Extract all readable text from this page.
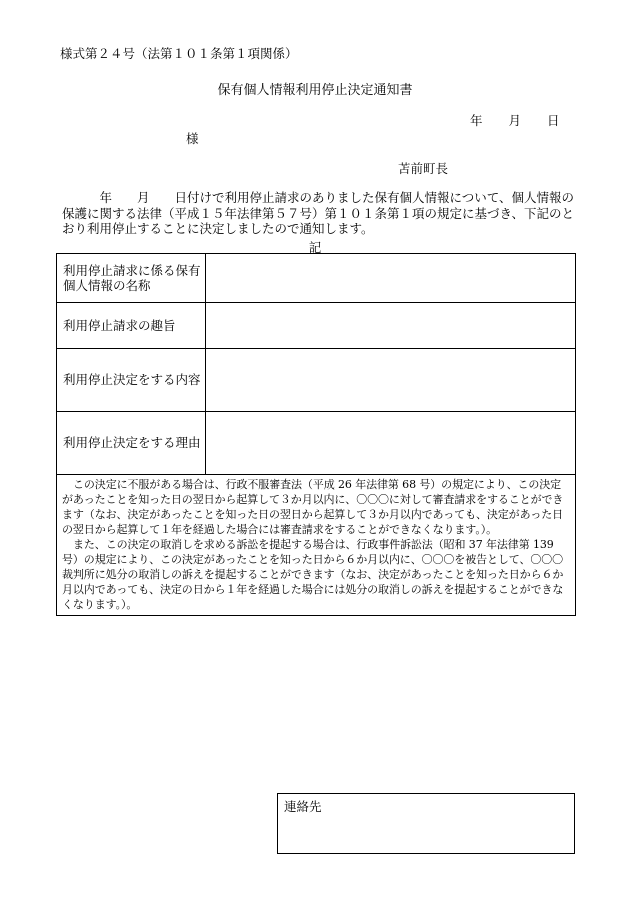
様式第２４号（法第１０１条第１項関係）
保有個人情報利用停止決定通知書
年 月 日
様
苫前町長
　　　年　　月　　日付けで利用停止請求のありました保有個人情報について、個人情報の保護に関する法律（平成１５年法律第５７号）第１０１条第１項の規定に基づき、下記のとおり利用停止することに決定しましたので通知します。
記
利用停止請求に係る保有個人情報の名称	
利用停止請求の趣旨	
利用停止決定をする内容	
利用停止決定をする理由	

この決定に不服がある場合は、行政不服審査法（平成 26 年法律第 68 号）の規定により、この決定があったことを知った日の翌日から起算して３か月以内に、〇〇〇に対して審査請求をすることができます（なお、決定があったことを知った日の翌日から起算して３か月以内であっても、決定があった日の翌日から起算して１年を経過した場合には審査請求をすることができなくなります。）。

また、この決定の取消しを求める訴訟を提起する場合は、行政事件訴訟法（昭和 37 年法律第 139 号）の規定により、この決定があったことを知った日から６か月以内に、〇〇〇を被告として、〇〇〇裁判所に処分の取消しの訴えを提起することができます（なお、決定があったことを知った日から６か月以内であっても、決定の日から１年を経過した場合には処分の取消しの訴えを提起することができなくなります。）。	

連絡先
